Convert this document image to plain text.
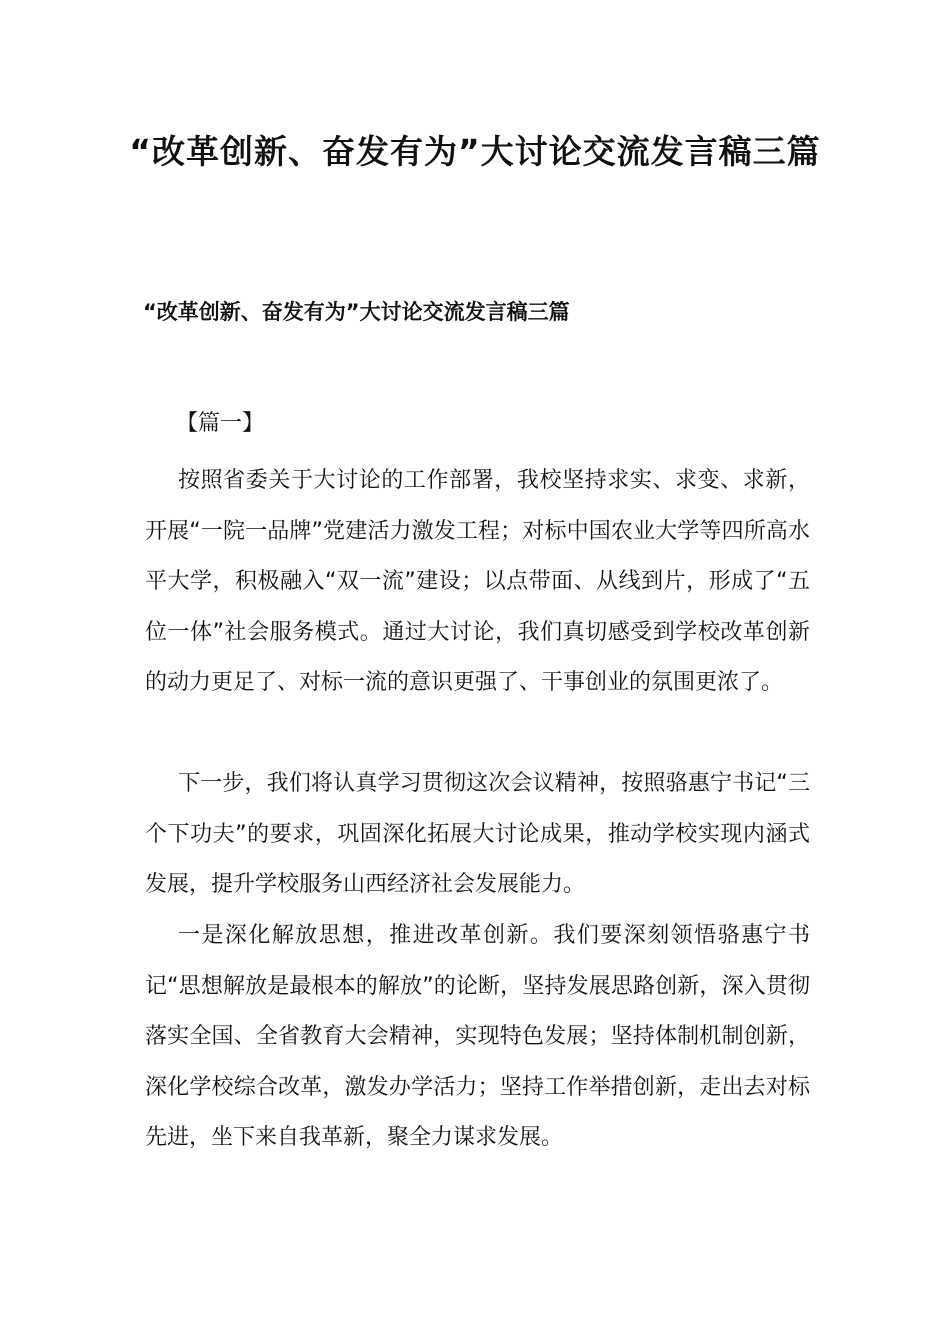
“改革创新、奋发有为”大讨论交流发言稿三篇
“改革创新、奋发有为”大讨论交流发言稿三篇

【篇一】

按照省委关于大讨论的工作部署，我校坚持求实、求变、求新，开展“一院一品牌”党建活力激发工程；对标中国农业大学等四所高水平大学，积极融入“双一流”建设；以点带面、从线到片，形成了“五位一体”社会服务模式。通过大讨论，我们真切感受到学校改革创新的动力更足了、对标一流的意识更强了、干事创业的氛围更浓了。

下一步，我们将认真学习贯彻这次会议精神，按照骆惠宁书记“三个下功夫”的要求，巩固深化拓展大讨论成果，推动学校实现内涵式发展，提升学校服务山西经济社会发展能力。

一是深化解放思想，推进改革创新。我们要深刻领悟骆惠宁书记“思想解放是最根本的解放”的论断，坚持发展思路创新，深入贯彻落实全国、全省教育大会精神，实现特色发展；坚持体制机制创新，深化学校综合改革，激发办学活力；坚持工作举措创新，走出去对标先进，坐下来自我革新，聚全力谋求发展。
